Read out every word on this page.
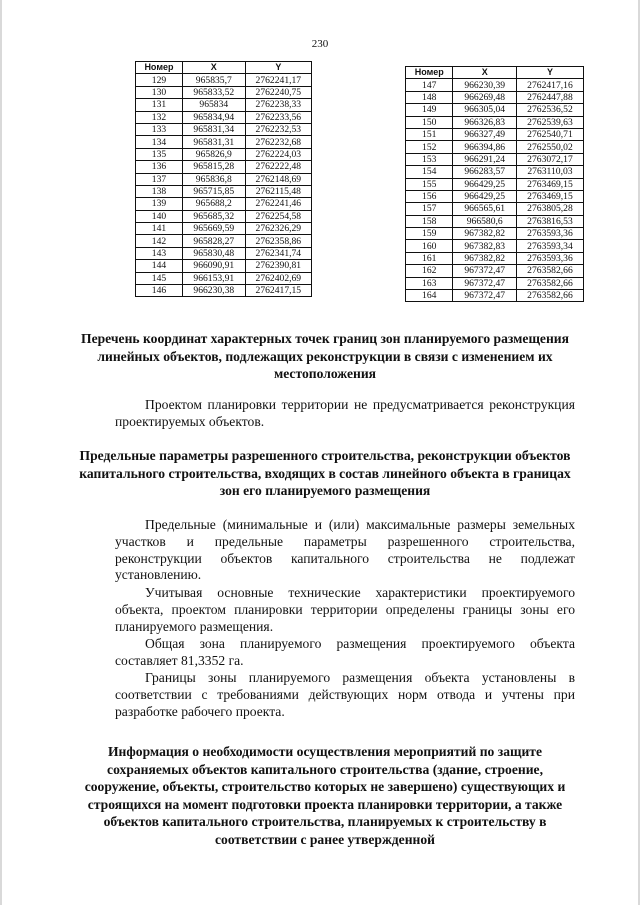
230
Номер	X	Y
129	965835,7	2762241,17
130	965833,52	2762240,75
131	965834	2762238,33
132	965834,94	2762233,56
133	965831,34	2762232,53
134	965831,31	2762232,68
135	965826,9	2762224,03
136	965815,28	2762222,48
137	965836,8	2762148,69
138	965715,85	2762115,48
139	965688,2	2762241,46
140	965685,32	2762254,58
141	965669,59	2762326,29
142	965828,27	2762358,86
143	965830,48	2762341,74
144	966090,91	2762390,81
145	966153,91	2762402,69
146	966230,38	2762417,15
Номер	X	Y
147	966230,39	2762417,16
148	966269,48	2762447,88
149	966305,04	2762536,52
150	966326,83	2762539,63
151	966327,49	2762540,71
152	966394,86	2762550,02
153	966291,24	2763072,17
154	966283,57	2763110,03
155	966429,25	2763469,15
156	966429,25	2763469,15
157	966565,61	2763805,28
158	966580,6	2763816,53
159	967382,82	2763593,36
160	967382,83	2763593,34
161	967382,82	2763593,36
162	967372,47	2763582,66
163	967372,47	2763582,66
164	967372,47	2763582,66
Перечень координат характерных точек границ зон планируемого размещения линейных объектов, подлежащих реконструкции в связи с изменением их местоположения
Проектом планировки территории не предусматривается реконструкция проектируемых объектов.
Предельные параметры разрешенного строительства, реконструкции объектов капитального строительства, входящих в состав линейного объекта в границах зон его планируемого размещения
Предельные (минимальные и (или) максимальные размеры земельных участков и предельные параметры разрешенного строительства, реконструкции объектов капитального строительства не подлежат установлению.
Учитывая основные технические характеристики проектируемого объекта, проектом планировки территории определены границы зоны его планируемого размещения.
Общая зона планируемого размещения проектируемого объекта составляет 81,3352 га.
Границы зоны планируемого размещения объекта установлены в соответствии с требованиями действующих норм отвода и учтены при разработке рабочего проекта.
Информация о необходимости осуществления мероприятий по защите сохраняемых объектов капитального строительства (здание, строение, сооружение, объекты, строительство которых не завершено) существующих и строящихся на момент подготовки проекта планировки территории, а также объектов капитального строительства, планируемых к строительству в соответствии с ранее утвержденной
